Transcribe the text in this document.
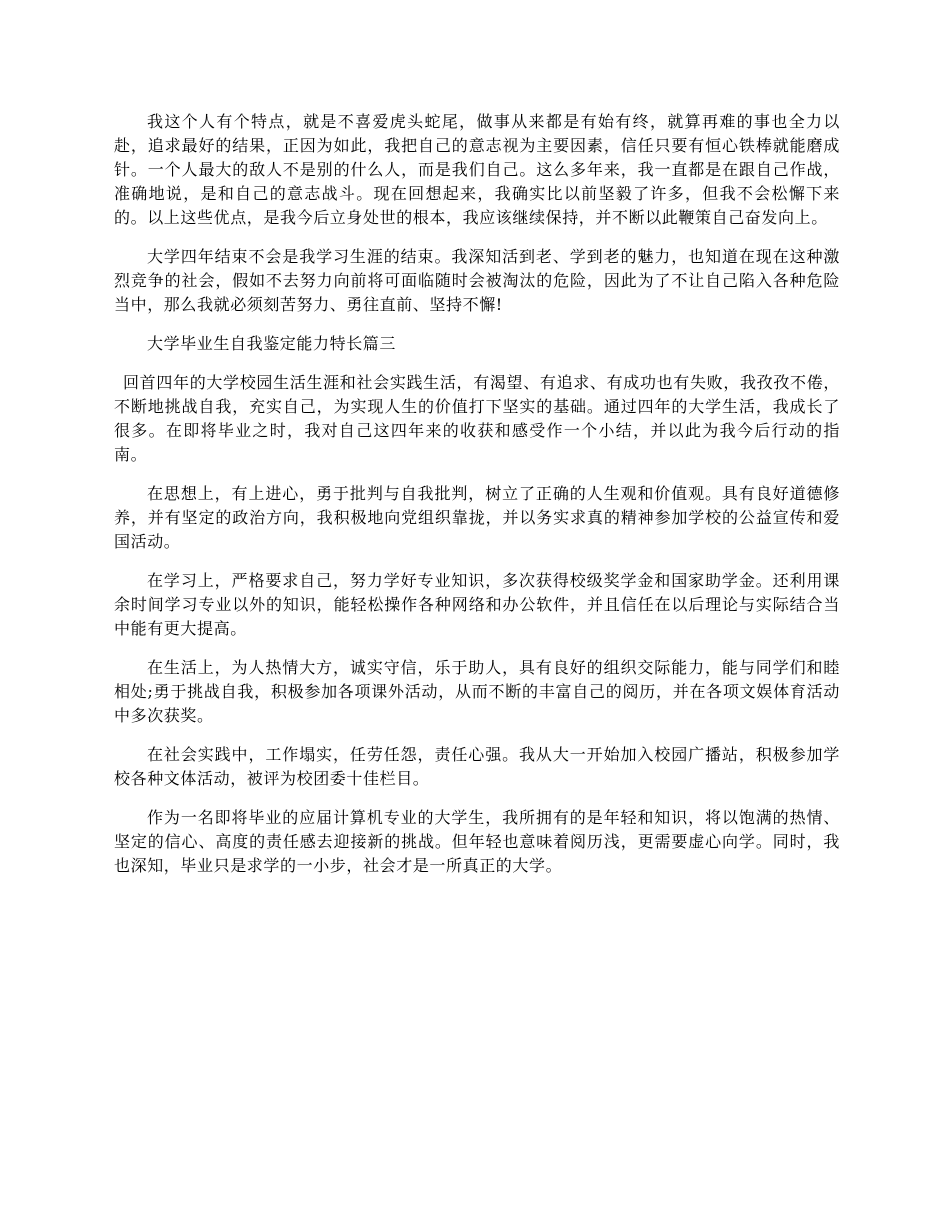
我这个人有个特点，就是不喜爱虎头蛇尾，做事从来都是有始有终，就算再难的事也全力以赴，追求最好的结果，正因为如此，我把自己的意志视为主要因素，信任只要有恒心铁棒就能磨成针。一个人最大的敌人不是别的什么人，而是我们自己。这么多年来，我一直都是在跟自己作战，准确地说，是和自己的意志战斗。现在回想起来，我确实比以前坚毅了许多，但我不会松懈下来的。以上这些优点，是我今后立身处世的根本，我应该继续保持，并不断以此鞭策自己奋发向上。

大学四年结束不会是我学习生涯的结束。我深知活到老、学到老的魅力，也知道在现在这种激烈竞争的社会，假如不去努力向前将可面临随时会被淘汰的危险，因此为了不让自己陷入各种危险当中，那么我就必须刻苦努力、勇往直前、坚持不懈!

大学毕业生自我鉴定能力特长篇三

回首四年的大学校园生活生涯和社会实践生活，有渴望、有追求、有成功也有失败，我孜孜不倦，不断地挑战自我，充实自己，为实现人生的价值打下坚实的基础。通过四年的大学生活，我成长了很多。在即将毕业之时，我对自己这四年来的收获和感受作一个小结，并以此为我今后行动的指南。

在思想上，有上进心，勇于批判与自我批判，树立了正确的人生观和价值观。具有良好道德修养，并有坚定的政治方向，我积极地向党组织靠拢，并以务实求真的精神参加学校的公益宣传和爱国活动。

在学习上，严格要求自己，努力学好专业知识，多次获得校级奖学金和国家助学金。还利用课余时间学习专业以外的知识，能轻松操作各种网络和办公软件，并且信任在以后理论与实际结合当中能有更大提高。

在生活上，为人热情大方，诚实守信，乐于助人，具有良好的组织交际能力，能与同学们和睦相处;勇于挑战自我，积极参加各项课外活动，从而不断的丰富自己的阅历，并在各项文娱体育活动中多次获奖。

在社会实践中，工作塌实，任劳任怨，责任心强。我从大一开始加入校园广播站，积极参加学校各种文体活动，被评为校团委十佳栏目。

作为一名即将毕业的应届计算机专业的大学生，我所拥有的是年轻和知识，将以饱满的热情、坚定的信心、高度的责任感去迎接新的挑战。但年轻也意味着阅历浅，更需要虚心向学。同时，我也深知，毕业只是求学的一小步，社会才是一所真正的大学。
